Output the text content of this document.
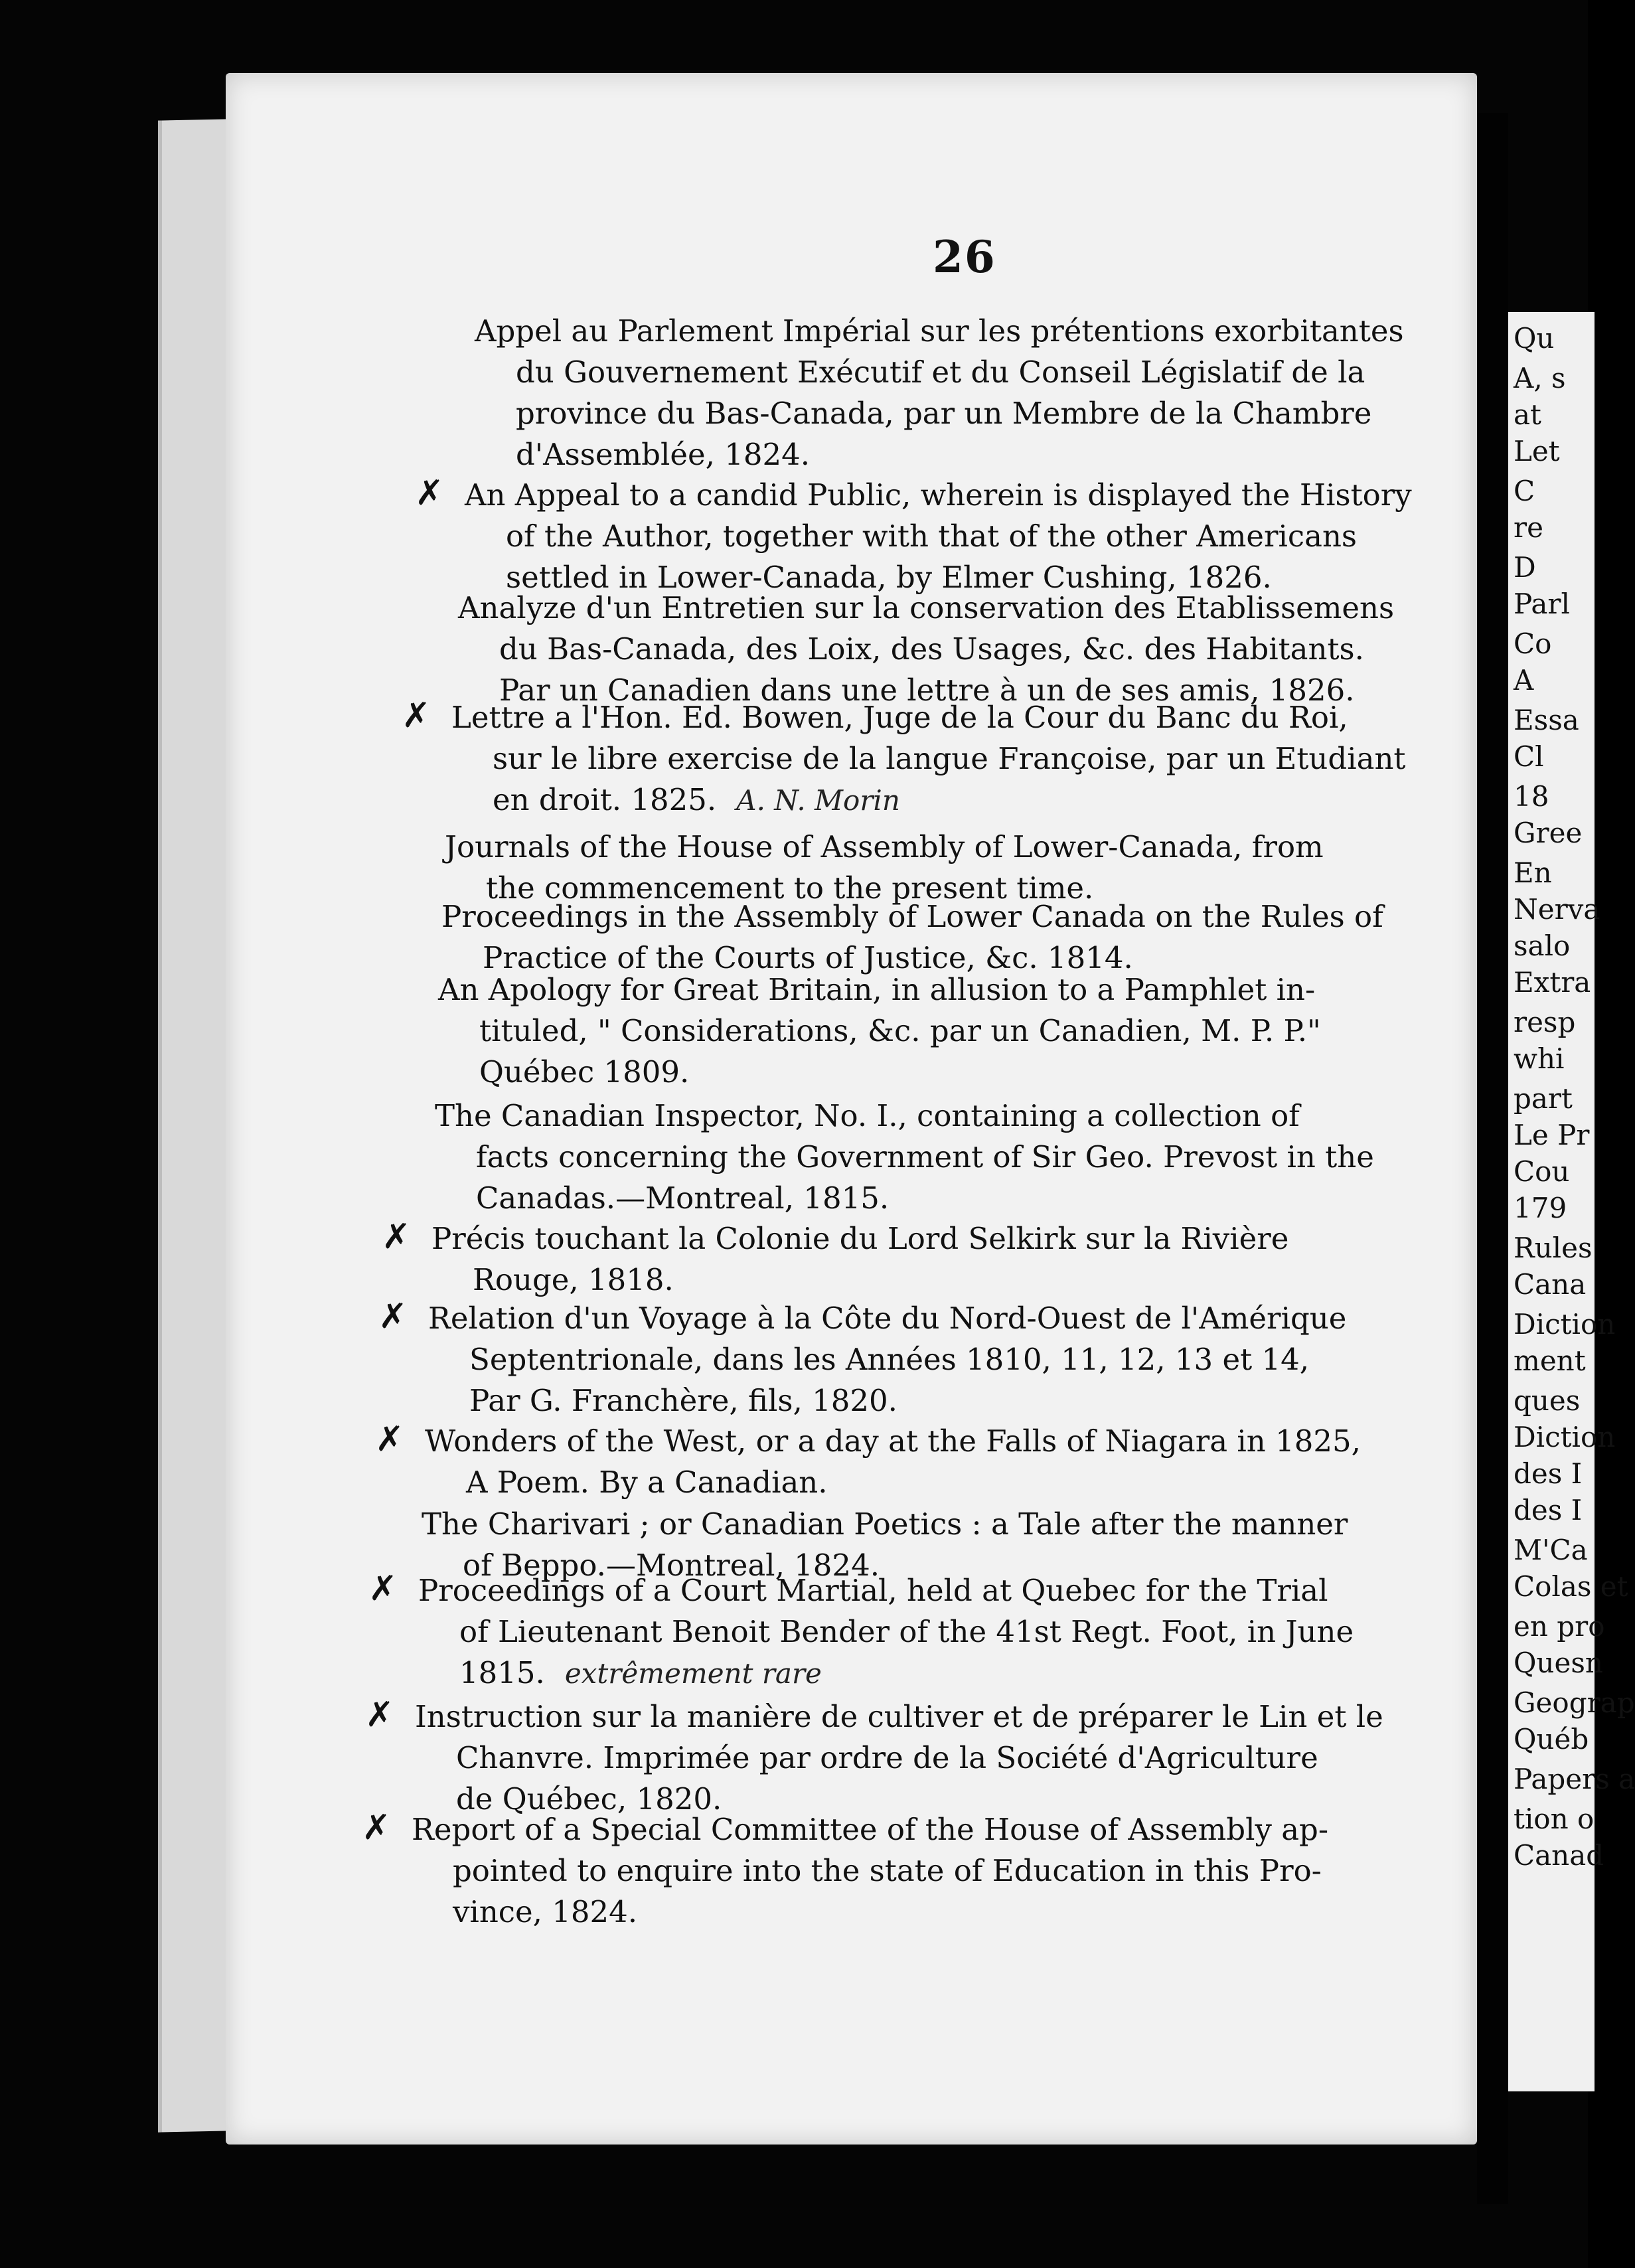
Qu
A, s
at
Let
C
re
D
Parl
Co
A
Essa
Cl
18
Gree
En
Nerva
salo
Extra
resp
whi
part
Le Pr
Cou
179
Rules
Cana
Diction
ment
ques
Diction
des I
des I
M'Ca
Colas et
en pro
Quesn
Geograp
Québ
Papers a
tion o
Canad
26
Appel au Parlement Impérial sur les prétentions exorbitantes
du Gouvernement Exécutif et du Conseil Législatif de la
province du Bas-Canada, par un Membre de la Chambre
d'Assemblée, 1824.
✗ An Appeal to a candid Public, wherein is displayed the History
of the Author, together with that of the other Americans
settled in Lower-Canada, by Elmer Cushing, 1826.
Analyze d'un Entretien sur la conservation des Etablissemens
du Bas-Canada, des Loix, des Usages, &c. des Habitants.
Par un Canadien dans une lettre à un de ses amis, 1826.
✗ Lettre a l'Hon. Ed. Bowen, Juge de la Cour du Banc du Roi,
sur le libre exercise de la langue Françoise, par un Etudiant
en droit. 1825. A. N. Morin
Journals of the House of Assembly of Lower-Canada, from
the commencement to the present time.
Proceedings in the Assembly of Lower Canada on the Rules of
Practice of the Courts of Justice, &c. 1814.
An Apology for Great Britain, in allusion to a Pamphlet in-
tituled, " Considerations, &c. par un Canadien, M. P. P."
Québec 1809.
The Canadian Inspector, No. I., containing a collection of
facts concerning the Government of Sir Geo. Prevost in the
Canadas.—Montreal, 1815.
✗ Précis touchant la Colonie du Lord Selkirk sur la Rivière
Rouge, 1818.
✗ Relation d'un Voyage à la Côte du Nord-Ouest de l'Amérique
Septentrionale, dans les Années 1810, 11, 12, 13 et 14,
Par G. Franchère, fils, 1820.
✗ Wonders of the West, or a day at the Falls of Niagara in 1825,
A Poem. By a Canadian.
The Charivari ; or Canadian Poetics : a Tale after the manner
of Beppo.—Montreal, 1824.
✗ Proceedings of a Court Martial, held at Quebec for the Trial
of Lieutenant Benoit Bender of the 41st Regt. Foot, in June
1815. extrêmement rare
✗ Instruction sur la manière de cultiver et de préparer le Lin et le
Chanvre. Imprimée par ordre de la Société d'Agriculture
de Québec, 1820.
✗ Report of a Special Committee of the House of Assembly ap-
pointed to enquire into the state of Education in this Pro-
vince, 1824.
